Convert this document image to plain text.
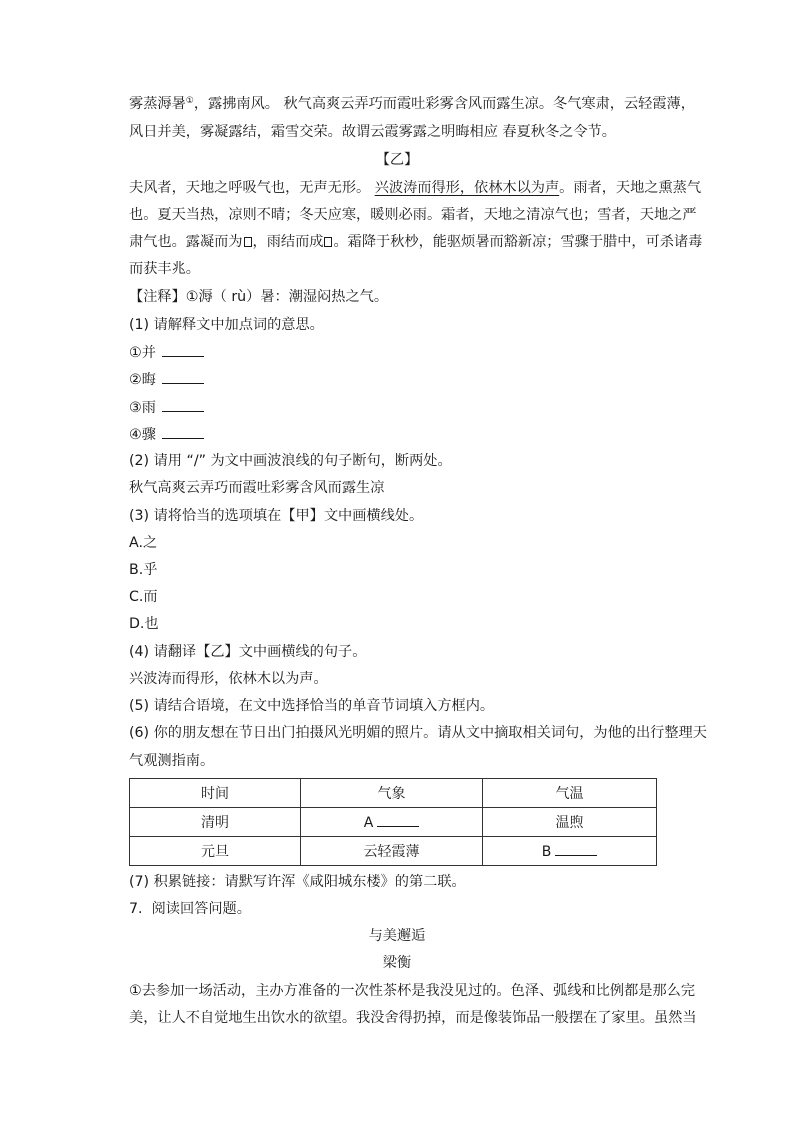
雾蒸溽暑①，露拂南风。 秋气高爽云弄巧而霞吐彩雾含风而露生凉。冬气寒肃，云轻霞薄，
风日并美，雾凝露结，霜雪交荣。故谓云霞雾露之明晦相应 春夏秋冬之令节。
【乙】
夫风者，天地之呼吸气也，无声无形。 兴波涛而得形，依林木以为声。雨者，天地之熏蒸气
也。夏天当热，凉则不晴；冬天应寒，暖则必雨。霜者，天地之清凉气也；雪者，天地之严
肃气也。露凝而为 ，雨结而成 。霜降于秋杪，能驱烦暑而豁新凉；雪骤于腊中，可杀诸毒
而获丰兆。
【注释】①溽（ rù）暑：潮湿闷热之气。
(1) 请解释文中加点词的意思。
①并
②晦
③雨
④骤
(2) 请用 “/” 为文中画波浪线的句子断句，断两处。
秋气高爽云弄巧而霞吐彩雾含风而露生凉
(3) 请将恰当的选项填在【甲】文中画横线处。
A.之
B.乎
C.而
D.也
(4) 请翻译【乙】文中画横线的句子。
兴波涛而得形，依林木以为声。
(5) 请结合语境，在文中选择恰当的单音节词填入方框内。
(6) 你的朋友想在节日出门拍摄风光明媚的照片。请从文中摘取相关词句，为他的出行整理天
气观测指南。
时间	气象	气温
清明	A	温煦
元旦	云轻霞薄	B
(7) 积累链接：请默写许浑《咸阳城东楼》的第二联。
7. 阅读回答问题。
与美邂逅
梁衡
①去参加一场活动，主办方准备的一次性茶杯是我没见过的。色泽、弧线和比例都是那么完
美，让人不自觉地生出饮水的欲望。我没舍得扔掉，而是像装饰品一般摆在了家里。虽然当
